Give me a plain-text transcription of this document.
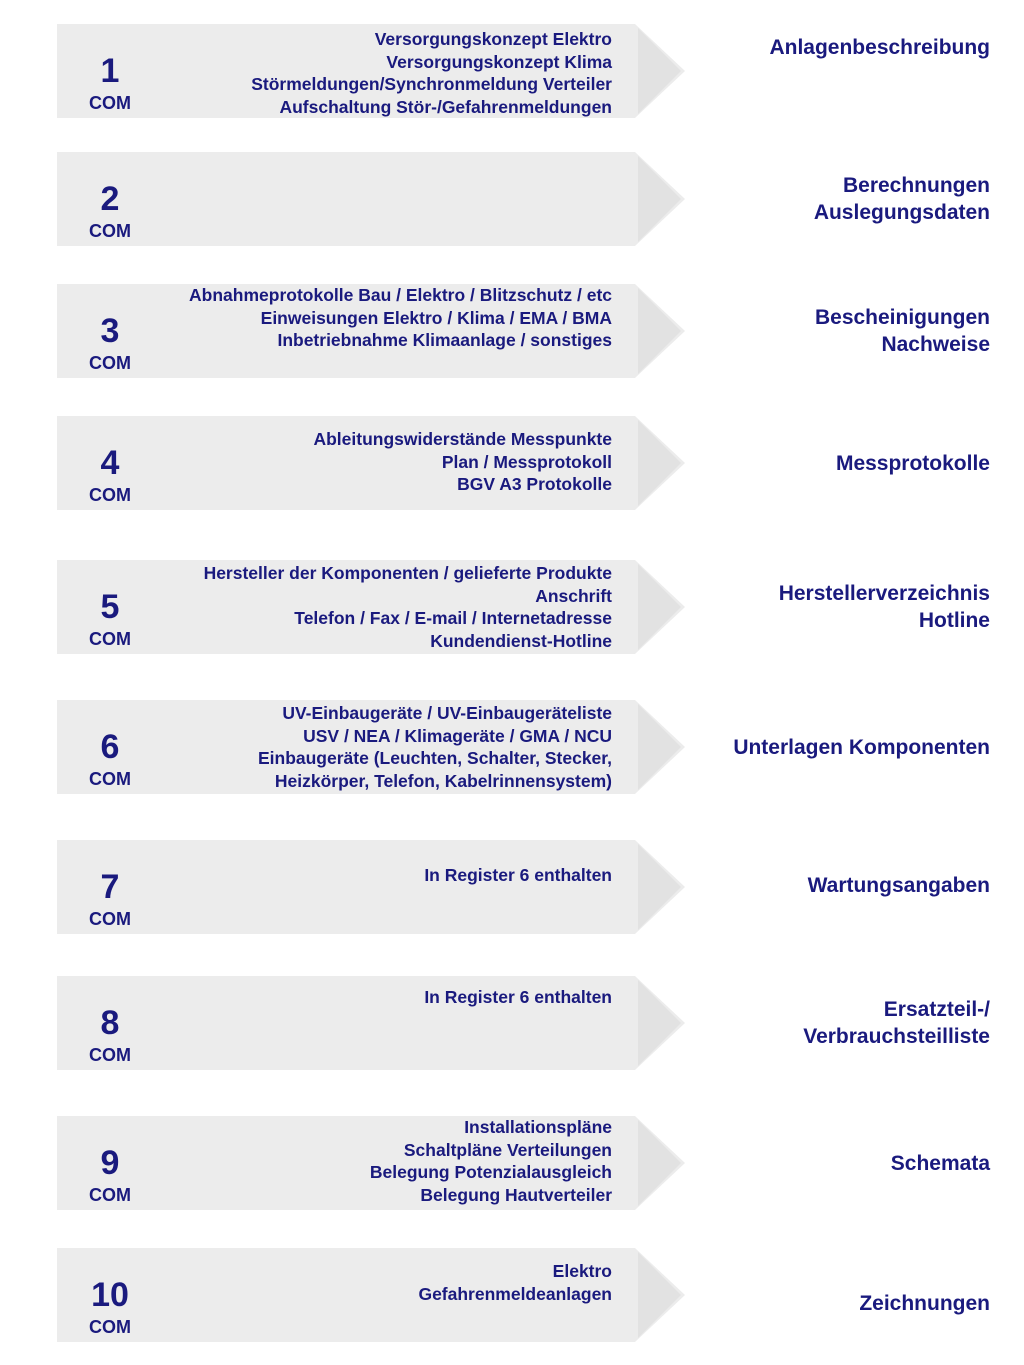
1
COM
Versorgungskonzept Elektro
Versorgungskonzept Klima
Störmeldungen/Synchronmeldung Verteiler
Aufschaltung Stör-/Gefahrenmeldungen
Anlagenbeschreibung
2
COM
Berechnungen
Auslegungsdaten
3
COM
Abnahmeprotokolle Bau / Elektro / Blitzschutz / etc
Einweisungen Elektro / Klima / EMA / BMA
Inbetriebnahme Klimaanlage / sonstiges
Bescheinigungen
Nachweise
4
COM
Ableitungswiderstände Messpunkte
Plan / Messprotokoll
BGV A3 Protokolle
Messprotokolle
5
COM
Hersteller der Komponenten / gelieferte Produkte
Anschrift
Telefon / Fax / E-mail / Internetadresse
Kundendienst-Hotline
Herstellerverzeichnis
Hotline
6
COM
UV-Einbaugeräte / UV-Einbaugeräteliste
USV / NEA / Klimageräte / GMA / NCU
Einbaugeräte (Leuchten, Schalter, Stecker,
Heizkörper, Telefon, Kabelrinnensystem)
Unterlagen Komponenten
7
COM
In Register 6 enthalten	Wartungsangaben
8
COM
In Register 6 enthalten
Ersatzteil-/
Verbrauchsteilliste
9
COM
Installationspläne
Schaltpläne Verteilungen
Belegung Potenzialausgleich
Belegung Hautverteiler
Schemata
10
COM
Elektro
Gefahrenmeldeanlagen	Zeichnungen
